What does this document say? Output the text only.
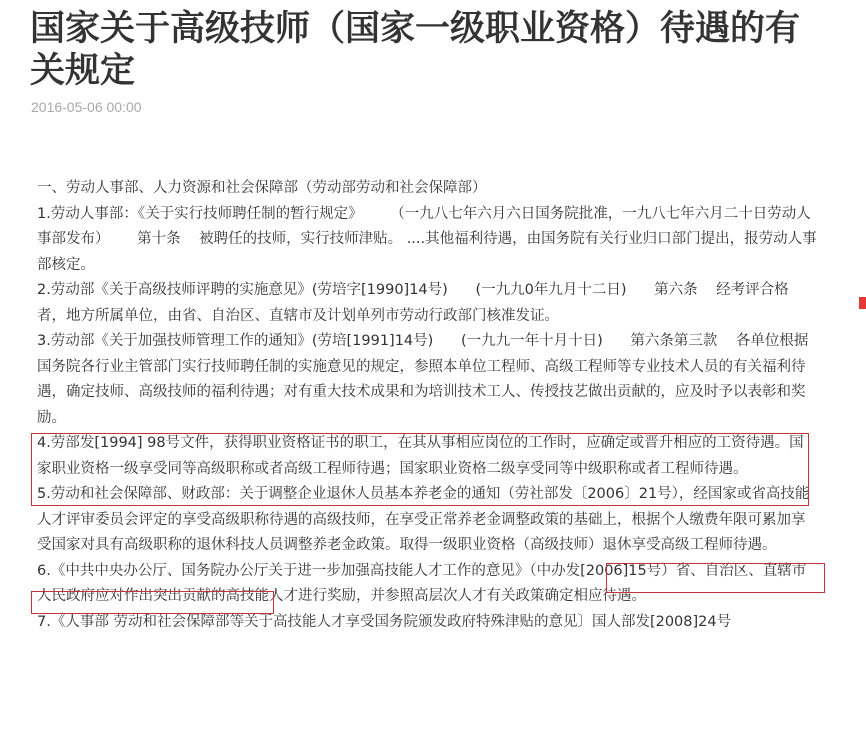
国家关于高级技师（国家一级职业资格）待遇的有关规定
2016-05-06 00:00

一、劳动人事部、人力资源和社会保障部（劳动部劳动和社会保障部）

1.劳动人事部：《关于实行技师聘任制的暂行规定》      （一九八七年六月六日国务院批准，一九八七年六月二十日劳动人事部发布）      第十条    被聘任的技师，实行技师津贴。 ....其他福利待遇，由国务院有关行业归口部门提出，报劳动人事部核定。

2.劳动部《关于高级技师评聘的实施意见》(劳培字[1990]14号)      (一九九0年九月十二日)      第六条    经考评合格者，地方所属单位，由省、自治区、直辖市及计划单列市劳动行政部门核准发证。

3.劳动部《关于加强技师管理工作的通知》(劳培[1991]14号)      (一九九一年十月十日)      第六条第三款    各单位根据国务院各行业主管部门实行技师聘任制的实施意见的规定，参照本单位工程师、高级工程师等专业技术人员的有关福利待遇，确定技师、高级技师的福利待遇；对有重大技术成果和为培训技术工人、传授技艺做出贡献的，应及时予以表彰和奖励。

4.劳部发[1994] 98号文件，获得职业资格证书的职工，在其从事相应岗位的工作时，应确定或晋升相应的工资待遇。国家职业资格一级享受同等高级职称或者高级工程师待遇；国家职业资格二级享受同等中级职称或者工程师待遇。

5.劳动和社会保障部、财政部：关于调整企业退休人员基本养老金的通知（劳社部发〔2006〕21号），经国家或省高技能人才评审委员会评定的享受高级职称待遇的高级技师，在享受正常养老金调整政策的基础上，根据个人缴费年限可累加享受国家对具有高级职称的退休科技人员调整养老金政策。取得一级职业资格（高级技师）退休享受高级工程师待遇。

6.《中共中央办公厅、国务院办公厅关于进一步加强高技能人才工作的意见》（中办发[2006]15号）省、自治区、直辖市人民政府应对作出突出贡献的高技能人才进行奖励，并参照高层次人才有关政策确定相应待遇。

7.《人事部 劳动和社会保障部等关于高技能人才享受国务院颁发政府特殊津贴的意见〕国人部发[2008]24号
